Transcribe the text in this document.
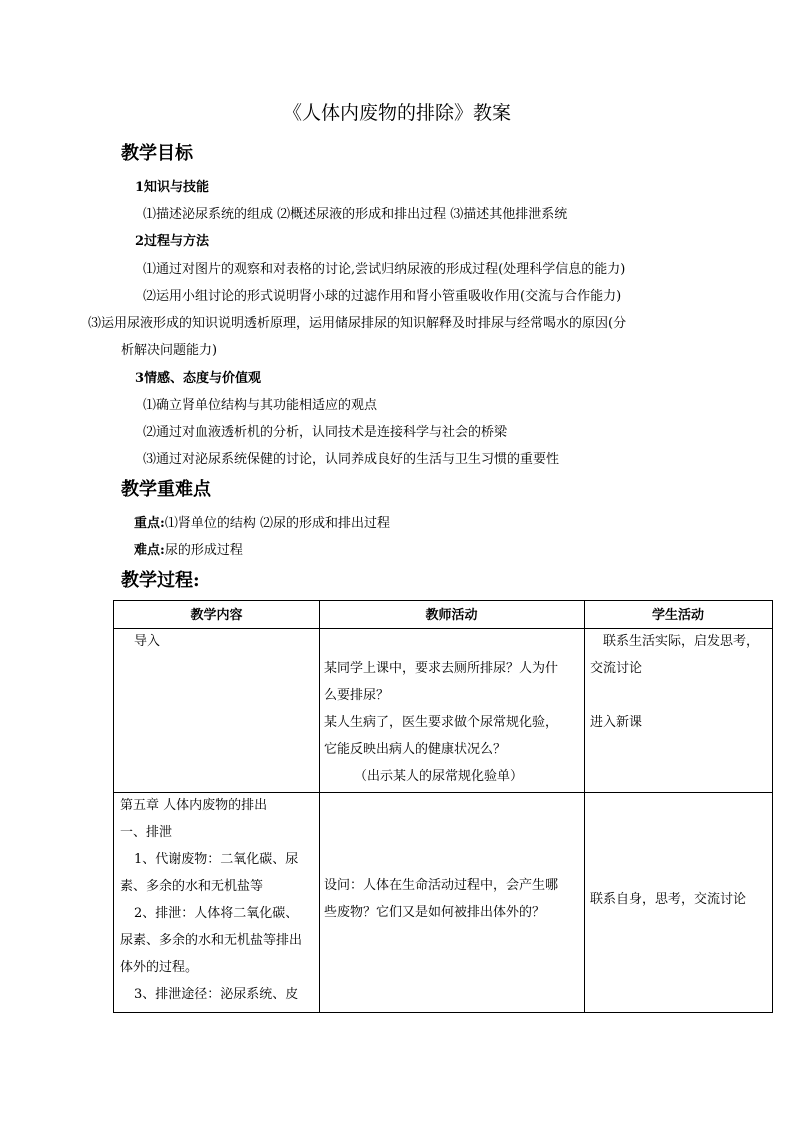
《人体内废物的排除》教案
教学目标
1知识与技能
⑴描述泌尿系统的组成 ⑵概述尿液的形成和排出过程 ⑶描述其他排泄系统
2过程与方法
⑴通过对图片的观察和对表格的讨论,尝试归纳尿液的形成过程(处理科学信息的能力)
⑵运用小组讨论的形式说明肾小球的过滤作用和肾小管重吸收作用(交流与合作能力)
⑶运用尿液形成的知识说明透析原理，运用储尿排尿的知识解释及时排尿与经常喝水的原因(分
析解决问题能力)
3情感、态度与价值观
⑴确立肾单位结构与其功能相适应的观点
⑵通过对血液透析机的分析，认同技术是连接科学与社会的桥梁
⑶通过对泌尿系统保健的讨论，认同养成良好的生活与卫生习惯的重要性
教学重难点
重点:⑴肾单位的结构 ⑵尿的形成和排出过程
难点:尿的形成过程
教学过程:
教学内容	教师活动	学生活动
导入
某同学上课中，要求去厕所排尿？人为什
么要排尿？
某人生病了，医生要求做个尿常规化验，
它能反映出病人的健康状况么？
（出示某人的尿常规化验单）
联系生活实际，启发思考，
交流讨论

进入新课
第五章 人体内废物的排出
一、排泄
1、代谢废物：二氧化碳、尿
素、多余的水和无机盐等
2、排泄：人体将二氧化碳、
尿素、多余的水和无机盐等排出
体外的过程。
3、排泄途径：泌尿系统、皮
设问：人体在生命活动过程中，会产生哪
些废物？它们又是如何被排出体外的？
联系自身，思考，交流讨论
